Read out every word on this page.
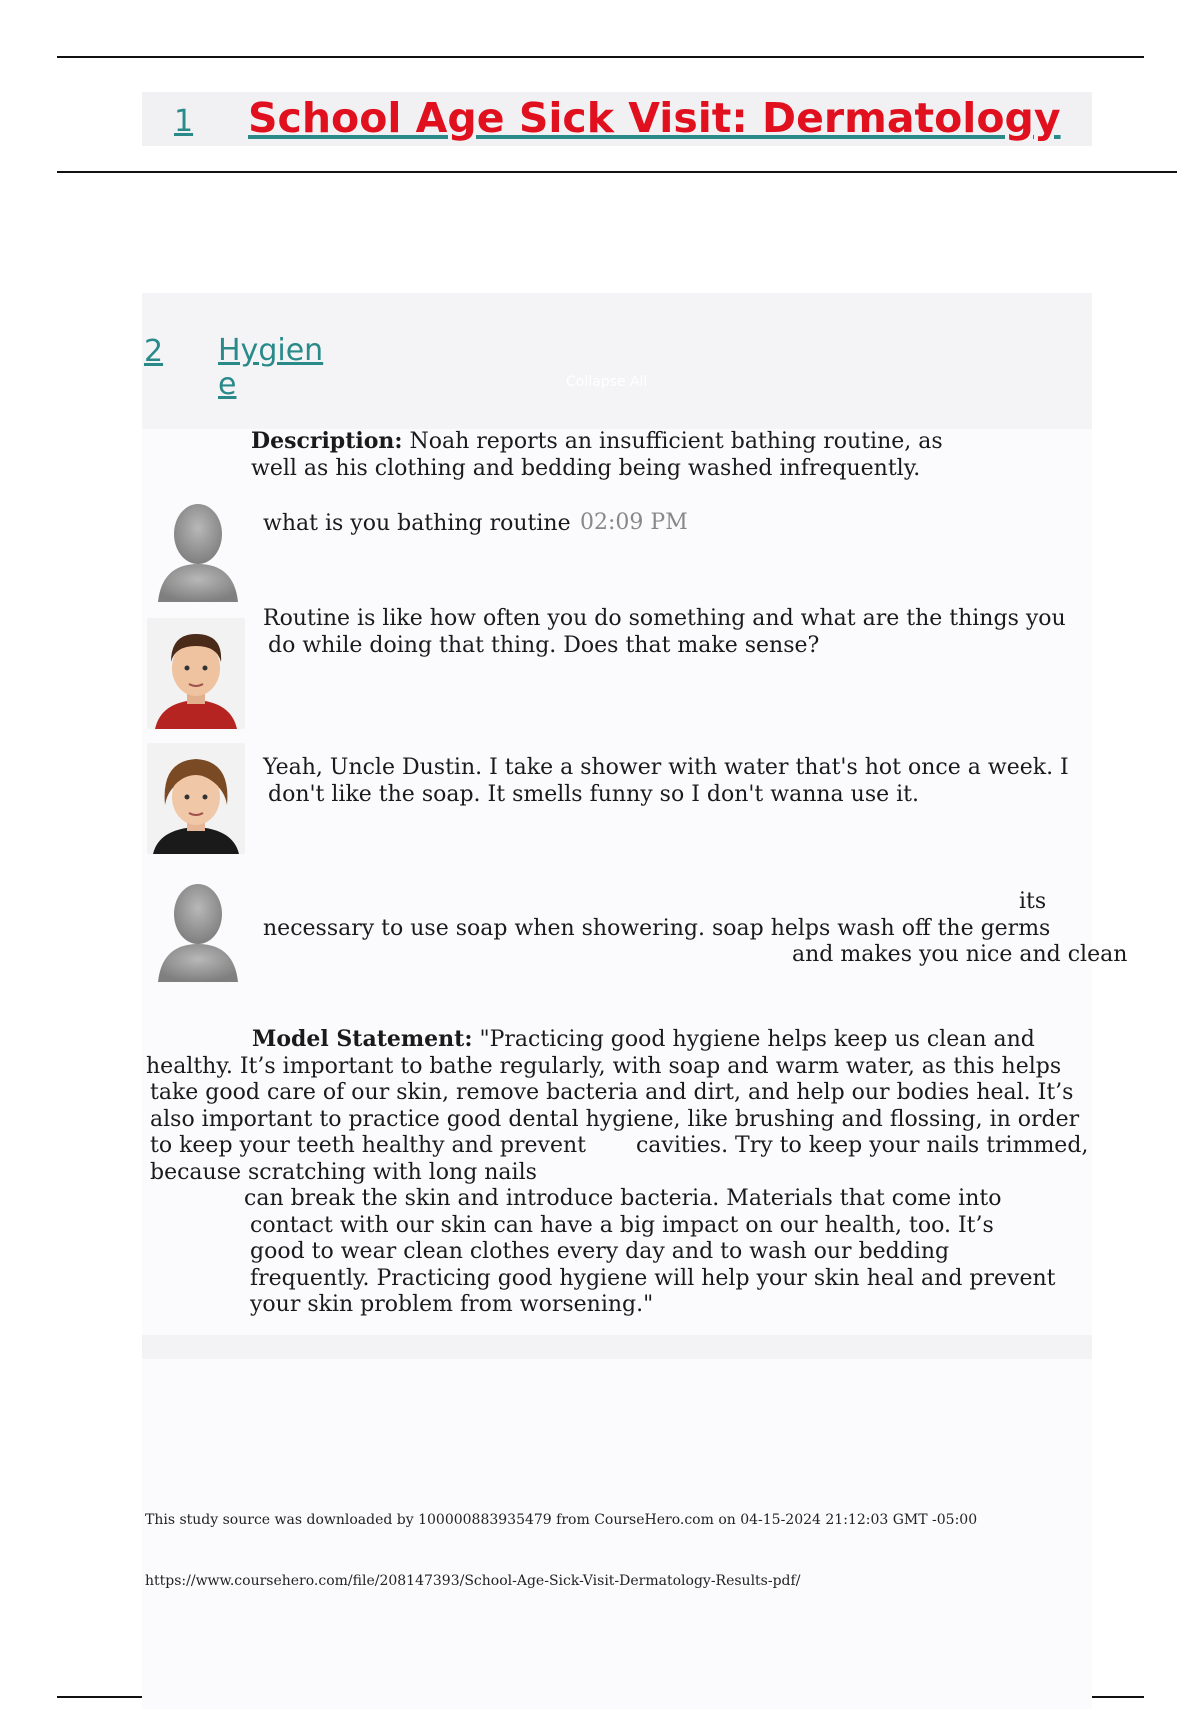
1 School Age Sick Visit: Dermatology
2 Hygiene	Collapse All
Description: Noah reports an insufficient bathing routine, as well as his clothing and bedding being washed infrequently.
what is you bathing routine 02:09 PM
Routine is like how often you do something and what are the things you
do while doing that thing. Does that make sense?
Yeah, Uncle Dustin. I take a shower with water that's hot once a week. I
don't like the soap. It smells funny so I don't wanna use it.
its
necessary to use soap when showering. soap helps wash off the germs
and makes you nice and clean

Model Statement: "Practicing good hygiene helps keep us clean and

healthy. It’s important to bathe regularly, with soap and warm water, as this helps

take good care of our skin, remove bacteria and dirt, and help our bodies heal. It’s

also important to practice good dental hygiene, like brushing and flossing, in order

to keep your teeth healthy and prevent cavities. Try to keep your nails trimmed,

because scratching with long nails

can break the skin and introduce bacteria. Materials that come into

contact with our skin can have a big impact on our health, too. It’s

good to wear clean clothes every day and to wash our bedding

frequently. Practicing good hygiene will help your skin heal and prevent

your skin problem from worsening."

This study source was downloaded by 100000883935479 from CourseHero.com on 04-15-2024 21:12:03 GMT -05:00
https://www.coursehero.com/file/208147393/School-Age-Sick-Visit-Dermatology-Results-pdf/
